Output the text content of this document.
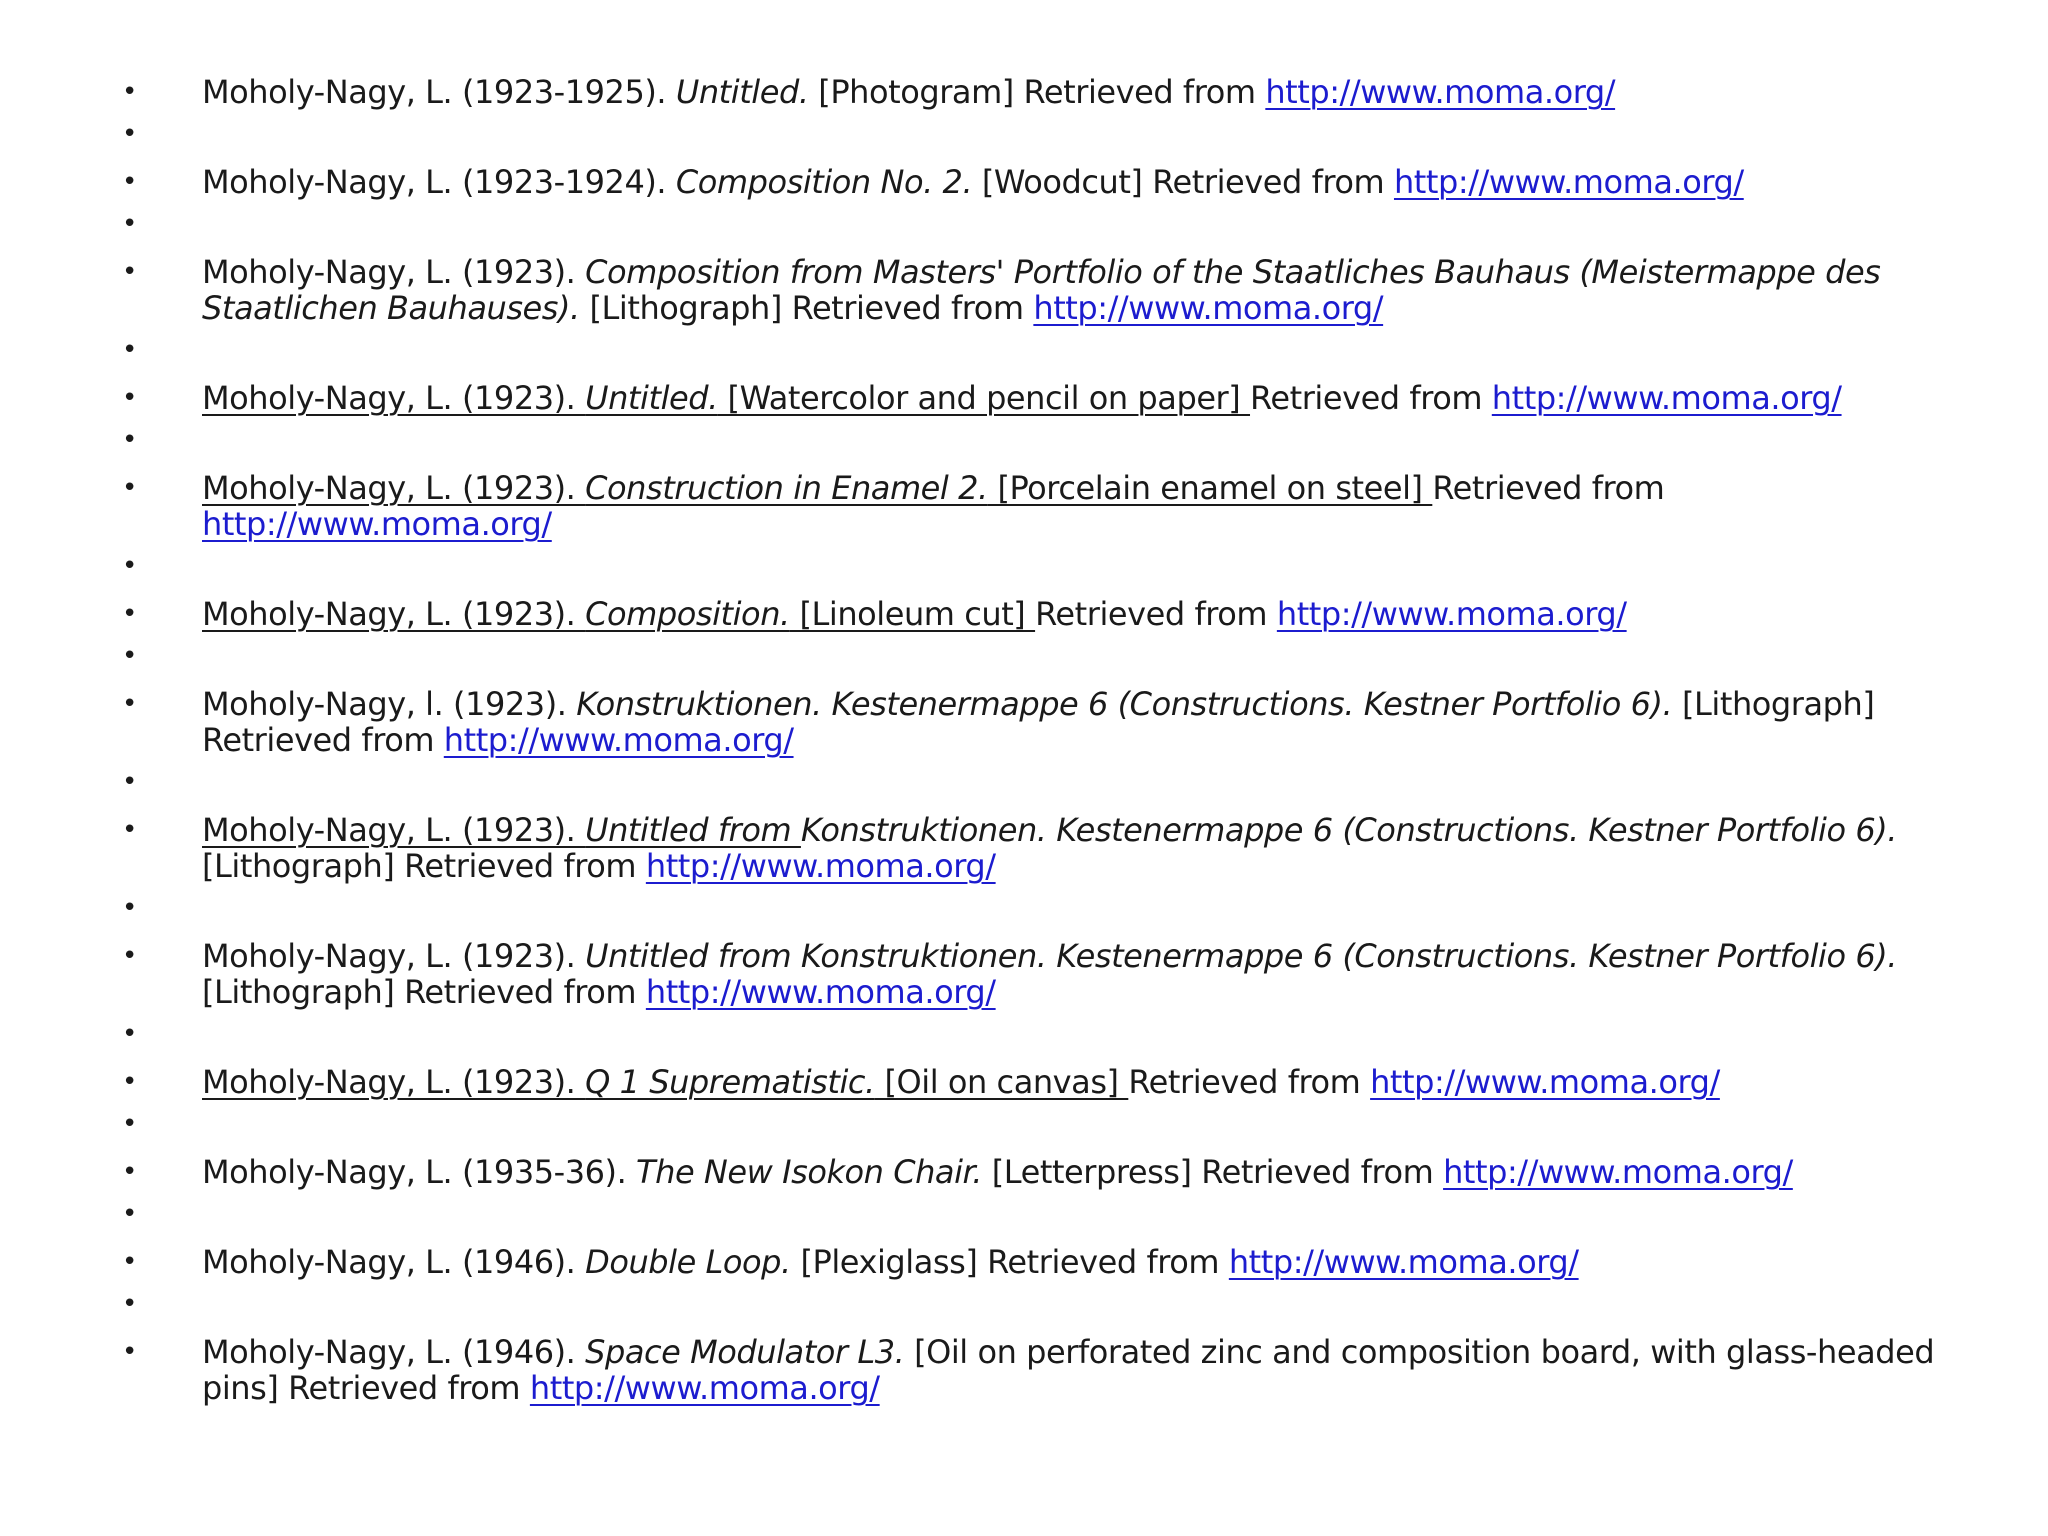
• Moholy-Nagy, L. (1923-1925). Untitled. [Photogram] Retrieved from http://www.moma.org/
•
• Moholy-Nagy, L. (1923-1924). Composition No. 2. [Woodcut] Retrieved from http://www.moma.org/
•
• Moholy-Nagy, L. (1923). Composition from Masters' Portfolio of the Staatliches Bauhaus (Meistermappe des
Staatlichen Bauhauses). [Lithograph] Retrieved from http://www.moma.org/
•
• Moholy-Nagy, L. (1923). Untitled. [Watercolor and pencil on paper] Retrieved from http://www.moma.org/
•
• Moholy-Nagy, L. (1923). Construction in Enamel 2. [Porcelain enamel on steel] Retrieved from
http://www.moma.org/
•
• Moholy-Nagy, L. (1923). Composition. [Linoleum cut] Retrieved from http://www.moma.org/
•
• Moholy-Nagy, l. (1923). Konstruktionen. Kestenermappe 6 (Constructions. Kestner Portfolio 6). [Lithograph]
Retrieved from http://www.moma.org/
•
• Moholy-Nagy, L. (1923). Untitled from Konstruktionen. Kestenermappe 6 (Constructions. Kestner Portfolio 6).
[Lithograph] Retrieved from http://www.moma.org/
•
• Moholy-Nagy, L. (1923). Untitled from Konstruktionen. Kestenermappe 6 (Constructions. Kestner Portfolio 6).
[Lithograph] Retrieved from http://www.moma.org/
•
• Moholy-Nagy, L. (1923). Q 1 Suprematistic. [Oil on canvas] Retrieved from http://www.moma.org/
•
• Moholy-Nagy, L. (1935-36). The New Isokon Chair. [Letterpress] Retrieved from http://www.moma.org/
•
• Moholy-Nagy, L. (1946). Double Loop. [Plexiglass] Retrieved from http://www.moma.org/
•
• Moholy-Nagy, L. (1946). Space Modulator L3. [Oil on perforated zinc and composition board, with glass-headed
pins] Retrieved from http://www.moma.org/
